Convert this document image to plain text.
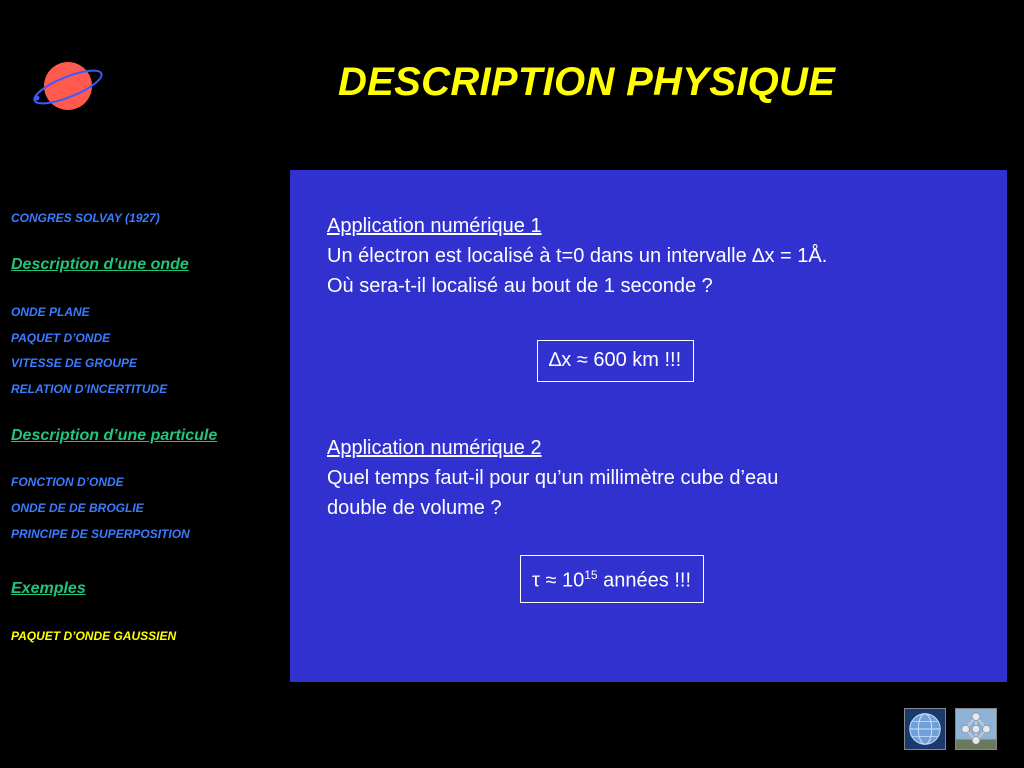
DESCRIPTION PHYSIQUE
CONGRES SOLVAY (1927)
Description d’une onde
ONDE PLANE
PAQUET D’ONDE
VITESSE DE GROUPE
RELATION D’INCERTITUDE
Description d’une particule
FONCTION D’ONDE
ONDE DE DE BROGLIE
PRINCIPE DE SUPERPOSITION
Exemples
PAQUET D’ONDE GAUSSIEN
Application numérique 1
Un électron est localisé à t=0 dans un intervalle ∆x = 1Å.
Où sera-t-il localisé au bout de 1 seconde ?
∆x ≈ 600 km !!!
Application numérique 2
Quel temps faut-il pour qu’un millimètre cube d’eau
double de volume ?
$\tau \approx 10^{15}$ années !!!
